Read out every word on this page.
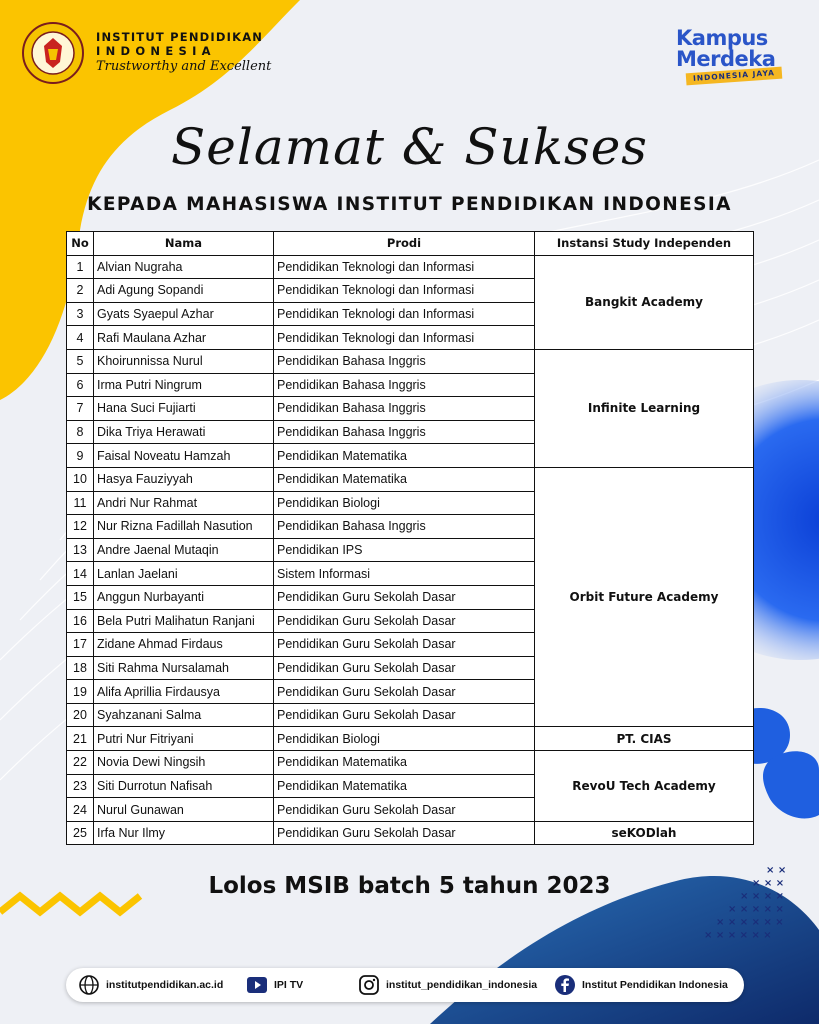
× ×
× × ×
× × × ×
× × × × ×
× × × × × ×
× × × × × ×
INSTITUT PENDIDIKAN
INDONESIA
Trustworthy and Excellent
Kampus
Merdeka
INDONESIA JAYA
Selamat & Sukses
KEPADA MAHASISWA INSTITUT PENDIDIKAN INDONESIA
No	Nama	Prodi	Instansi Study Independen
1	Alvian Nugraha	Pendidikan Teknologi dan Informasi	Bangkit Academy
2	Adi Agung Sopandi	Pendidikan Teknologi dan Informasi	
3	Gyats Syaepul Azhar	Pendidikan Teknologi dan Informasi	
4	Rafi Maulana Azhar	Pendidikan Teknologi dan Informasi	
5	Khoirunnissa Nurul	Pendidikan Bahasa Inggris	Infinite Learning
6	Irma Putri Ningrum	Pendidikan Bahasa Inggris	
7	Hana Suci Fujiarti	Pendidikan Bahasa Inggris	
8	Dika Triya Herawati	Pendidikan Bahasa Inggris	
9	Faisal Noveatu Hamzah	Pendidikan Matematika	
10	Hasya Fauziyyah	Pendidikan Matematika	Orbit Future Academy
11	Andri Nur Rahmat	Pendidikan Biologi	
12	Nur Rizna Fadillah Nasution	Pendidikan Bahasa Inggris	
13	Andre Jaenal Mutaqin	Pendidikan IPS	
14	Lanlan Jaelani	Sistem Informasi	
15	Anggun Nurbayanti	Pendidikan Guru Sekolah Dasar	
16	Bela Putri Malihatun Ranjani	Pendidikan Guru Sekolah Dasar	
17	Zidane Ahmad Firdaus	Pendidikan Guru Sekolah Dasar	
18	Siti Rahma Nursalamah	Pendidikan Guru Sekolah Dasar	
19	Alifa Aprillia Firdausya	Pendidikan Guru Sekolah Dasar	
20	Syahzanani Salma	Pendidikan Guru Sekolah Dasar	
21	Putri Nur Fitriyani	Pendidikan Biologi	PT. CIAS
22	Novia Dewi Ningsih	Pendidikan Matematika	RevoU Tech Academy
23	Siti Durrotun Nafisah	Pendidikan Matematika	
24	Nurul Gunawan	Pendidikan Guru Sekolah Dasar	
25	Irfa Nur Ilmy	Pendidikan Guru Sekolah Dasar	seKODlah
Lolos MSIB batch 5 tahun 2023
institutpendidikan.ac.id	IPI TV	institut_pendidikan_indonesia	Institut Pendidikan Indonesia
